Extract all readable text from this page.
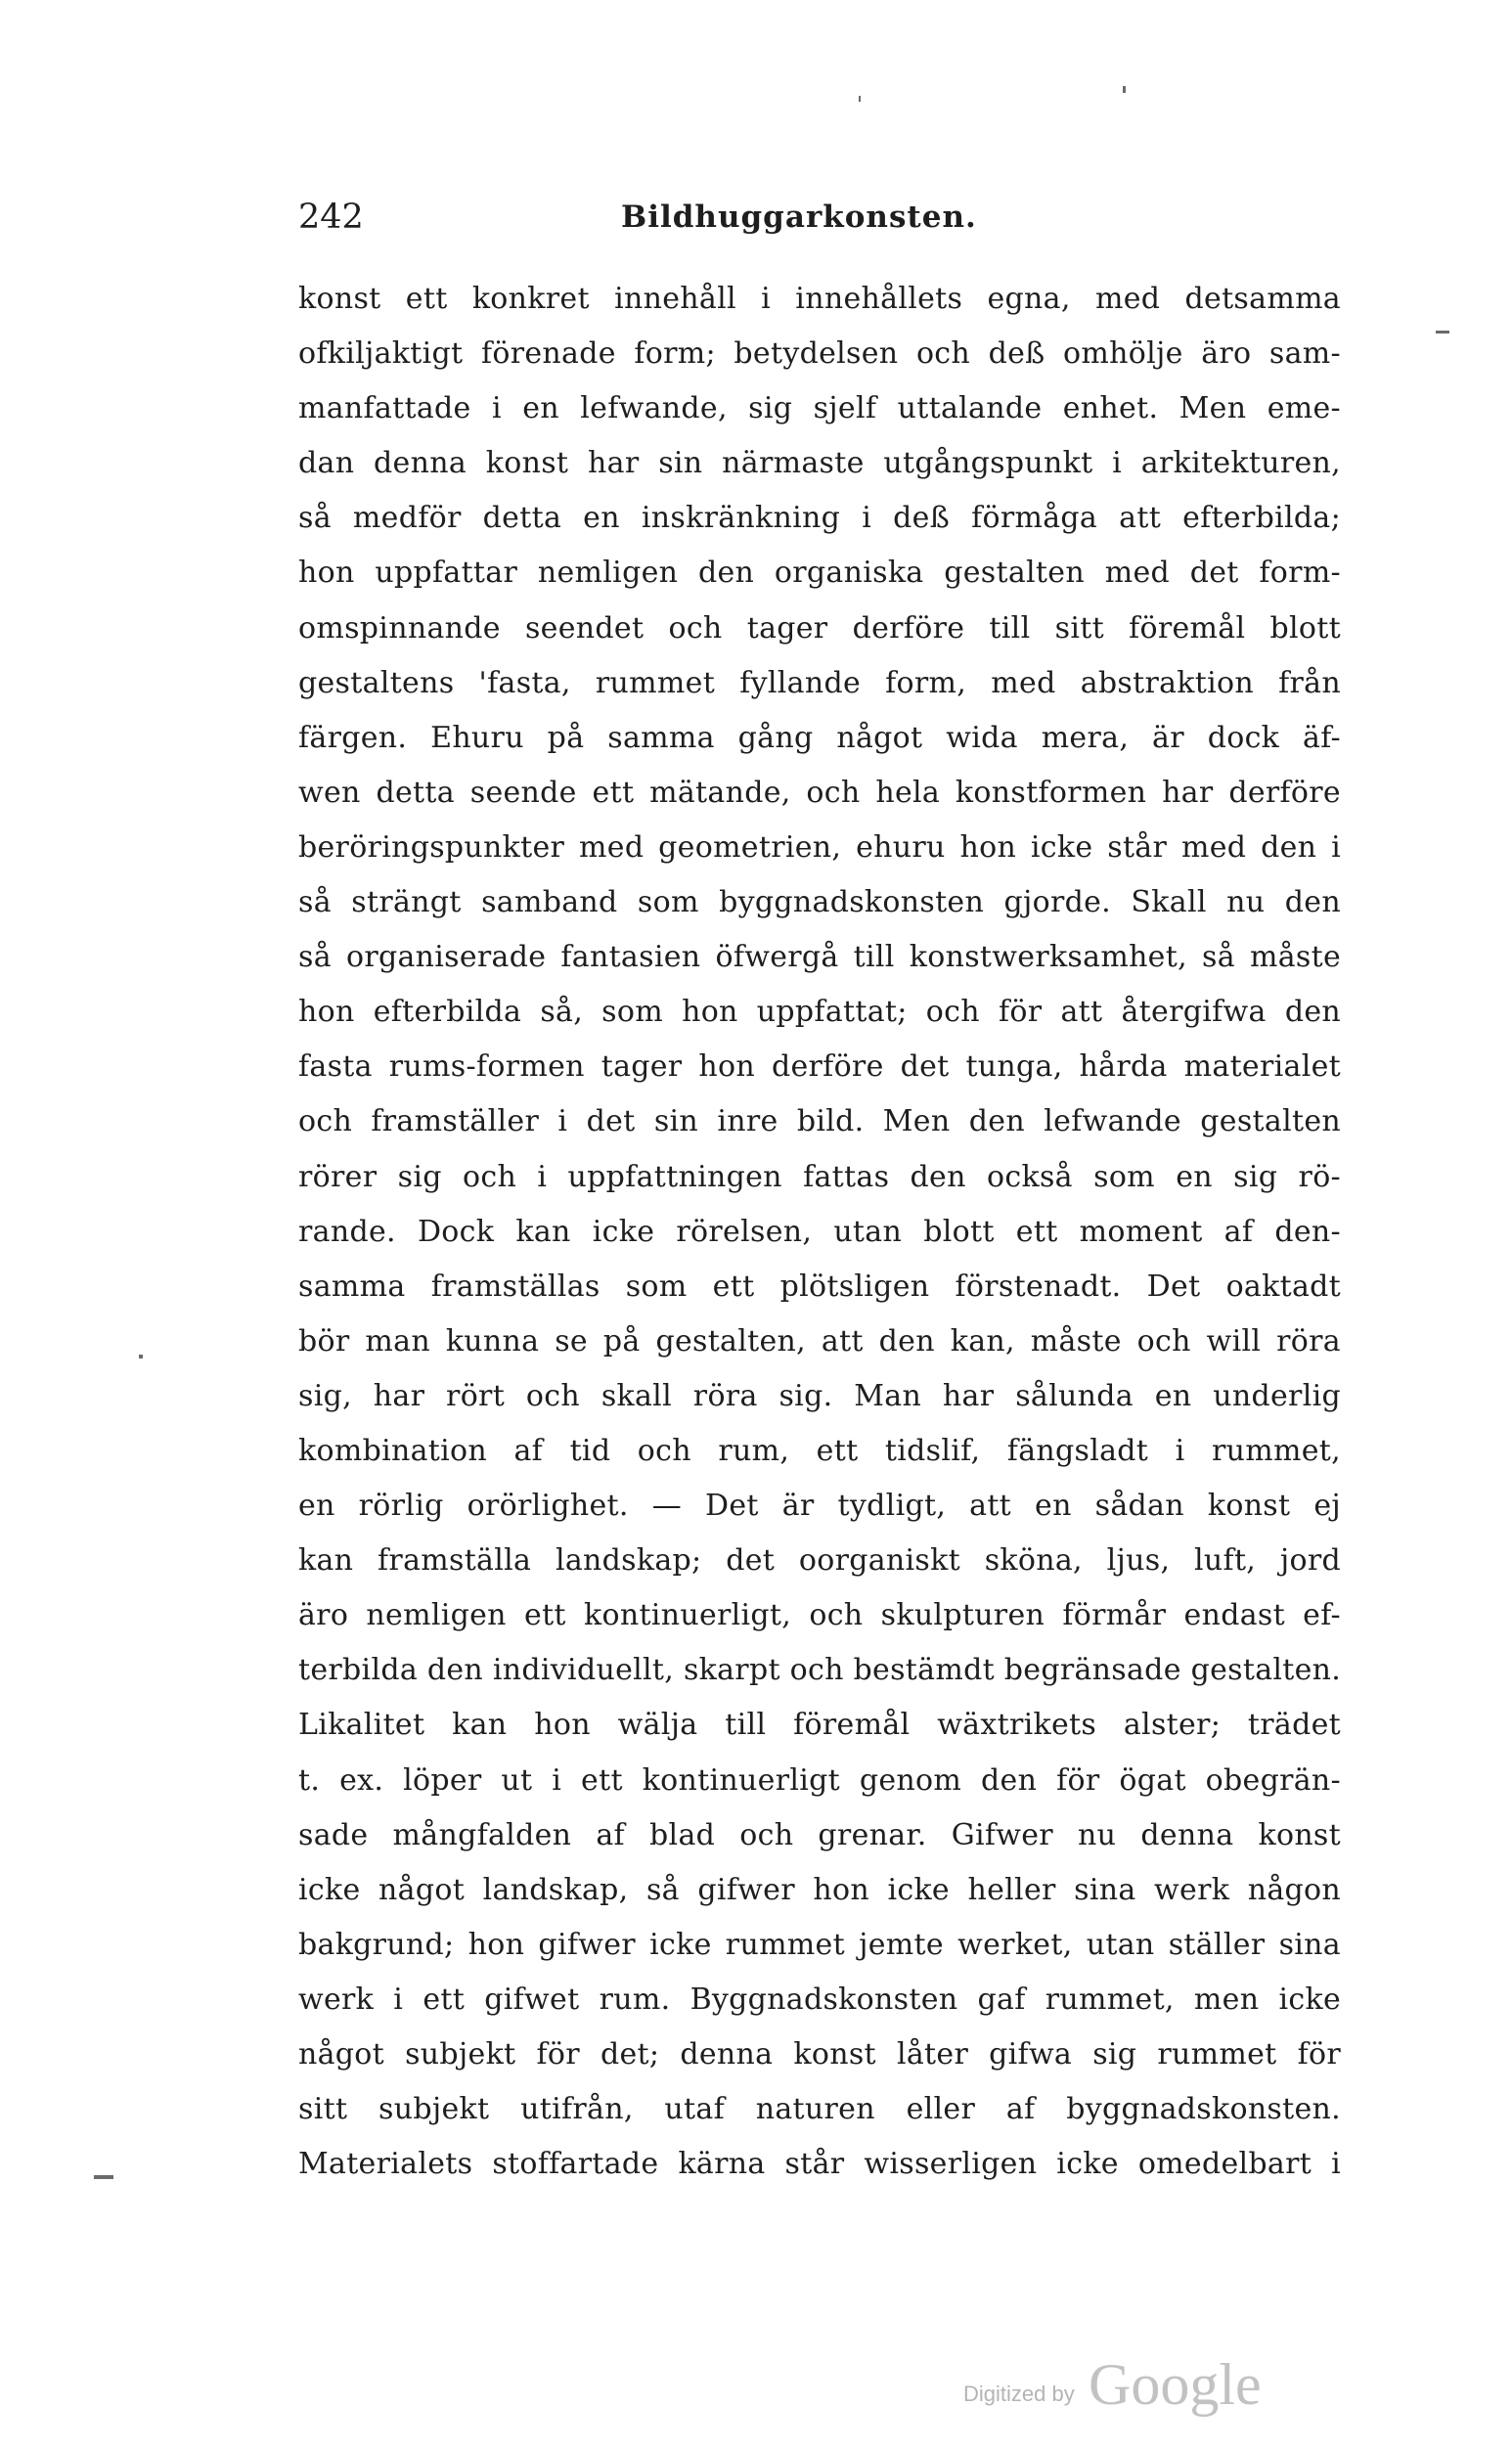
242	Bildhuggarkonsten.
konst ett konkret innehåll i innehållets egna, med detsamma
ofkiljaktigt förenade form; betydelsen och deß omhölje äro sam-
manfattade i en lefwande, sig sjelf uttalande enhet. Men eme-
dan denna konst har sin närmaste utgångspunkt i arkitekturen,
så medför detta en inskränkning i deß förmåga att efterbilda;
hon uppfattar nemligen den organiska gestalten med det form-
omspinnande seendet och tager derföre till sitt föremål blott
gestaltens 'fasta, rummet fyllande form, med abstraktion från
färgen. Ehuru på samma gång något wida mera, är dock äf-
wen detta seende ett mätande, och hela konstformen har derföre
beröringspunkter med geometrien, ehuru hon icke står med den i
så strängt samband som byggnadskonsten gjorde. Skall nu den
så organiserade fantasien öfwergå till konstwerksamhet, så måste
hon efterbilda så, som hon uppfattat; och för att återgifwa den
fasta rums-formen tager hon derföre det tunga, hårda materialet
och framställer i det sin inre bild. Men den lefwande gestalten
rörer sig och i uppfattningen fattas den också som en sig rö-
rande. Dock kan icke rörelsen, utan blott ett moment af den-
samma framställas som ett plötsligen förstenadt. Det oaktadt
bör man kunna se på gestalten, att den kan, måste och will röra
sig, har rört och skall röra sig. Man har sålunda en underlig
kombination af tid och rum, ett tidslif, fängsladt i rummet,
en rörlig orörlighet. — Det är tydligt, att en sådan konst ej
kan framställa landskap; det oorganiskt sköna, ljus, luft, jord
äro nemligen ett kontinuerligt, och skulpturen förmår endast ef-
terbilda den individuellt, skarpt och bestämdt begränsade gestalten.
Likalitet kan hon wälja till föremål wäxtrikets alster; trädet
t. ex. löper ut i ett kontinuerligt genom den för ögat obegrän-
sade mångfalden af blad och grenar. Gifwer nu denna konst
icke något landskap, så gifwer hon icke heller sina werk någon
bakgrund; hon gifwer icke rummet jemte werket, utan ställer sina
werk i ett gifwet rum. Byggnadskonsten gaf rummet, men icke
något subjekt för det; denna konst låter gifwa sig rummet för
sitt subjekt utifrån, utaf naturen eller af byggnadskonsten.
Materialets stoffartade kärna står wisserligen icke omedelbart i
Digitized by Google
